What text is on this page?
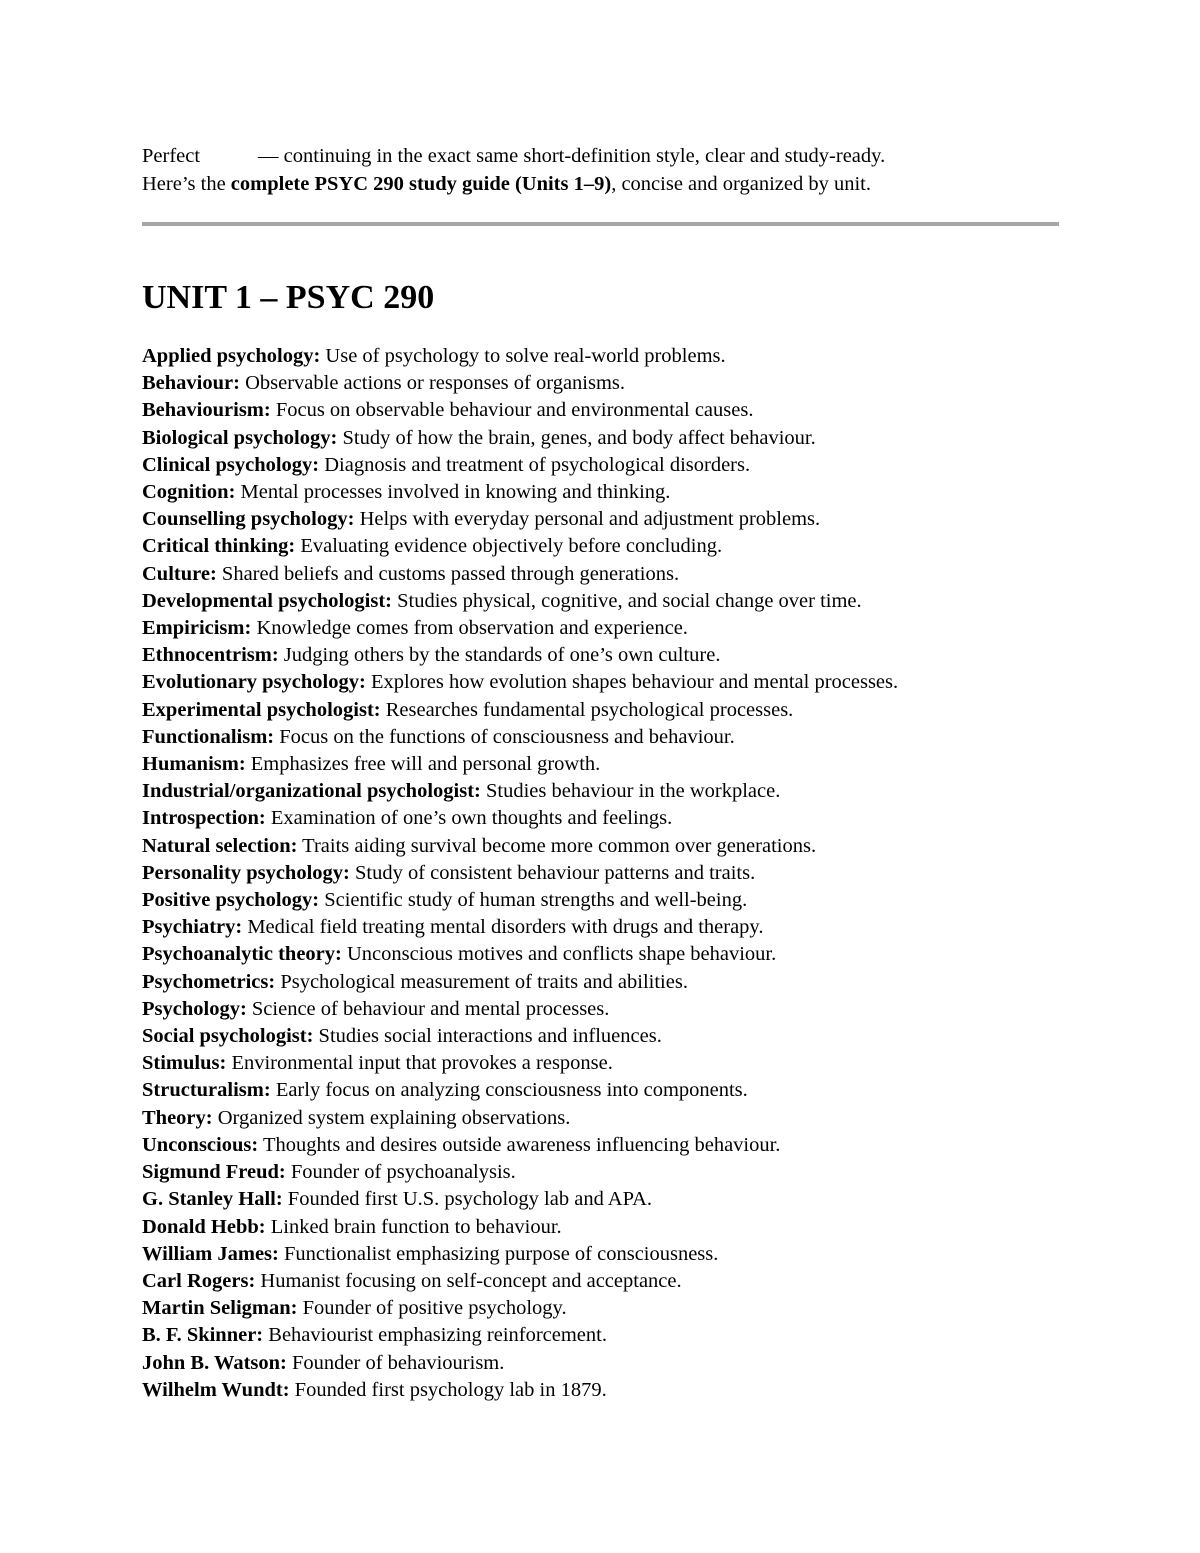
Perfect	— continuing in the exact same short-definition style, clear and study-ready.

Here’s the complete PSYC 290 study guide (Units 1–9), concise and organized by unit.

UNIT 1 – PSYC 290
Applied psychology: Use of psychology to solve real-world problems.
Behaviour: Observable actions or responses of organisms.
Behaviourism: Focus on observable behaviour and environmental causes.
Biological psychology: Study of how the brain, genes, and body affect behaviour.
Clinical psychology: Diagnosis and treatment of psychological disorders.
Cognition: Mental processes involved in knowing and thinking.
Counselling psychology: Helps with everyday personal and adjustment problems.
Critical thinking: Evaluating evidence objectively before concluding.
Culture: Shared beliefs and customs passed through generations.
Developmental psychologist: Studies physical, cognitive, and social change over time.
Empiricism: Knowledge comes from observation and experience.
Ethnocentrism: Judging others by the standards of one’s own culture.
Evolutionary psychology: Explores how evolution shapes behaviour and mental processes.
Experimental psychologist: Researches fundamental psychological processes.
Functionalism: Focus on the functions of consciousness and behaviour.
Humanism: Emphasizes free will and personal growth.
Industrial/organizational psychologist: Studies behaviour in the workplace.
Introspection: Examination of one’s own thoughts and feelings.
Natural selection: Traits aiding survival become more common over generations.
Personality psychology: Study of consistent behaviour patterns and traits.
Positive psychology: Scientific study of human strengths and well-being.
Psychiatry: Medical field treating mental disorders with drugs and therapy.
Psychoanalytic theory: Unconscious motives and conflicts shape behaviour.
Psychometrics: Psychological measurement of traits and abilities.
Psychology: Science of behaviour and mental processes.
Social psychologist: Studies social interactions and influences.
Stimulus: Environmental input that provokes a response.
Structuralism: Early focus on analyzing consciousness into components.
Theory: Organized system explaining observations.
Unconscious: Thoughts and desires outside awareness influencing behaviour.
Sigmund Freud: Founder of psychoanalysis.
G. Stanley Hall: Founded first U.S. psychology lab and APA.
Donald Hebb: Linked brain function to behaviour.
William James: Functionalist emphasizing purpose of consciousness.
Carl Rogers: Humanist focusing on self-concept and acceptance.
Martin Seligman: Founder of positive psychology.
B. F. Skinner: Behaviourist emphasizing reinforcement.
John B. Watson: Founder of behaviourism.
Wilhelm Wundt: Founded first psychology lab in 1879.
